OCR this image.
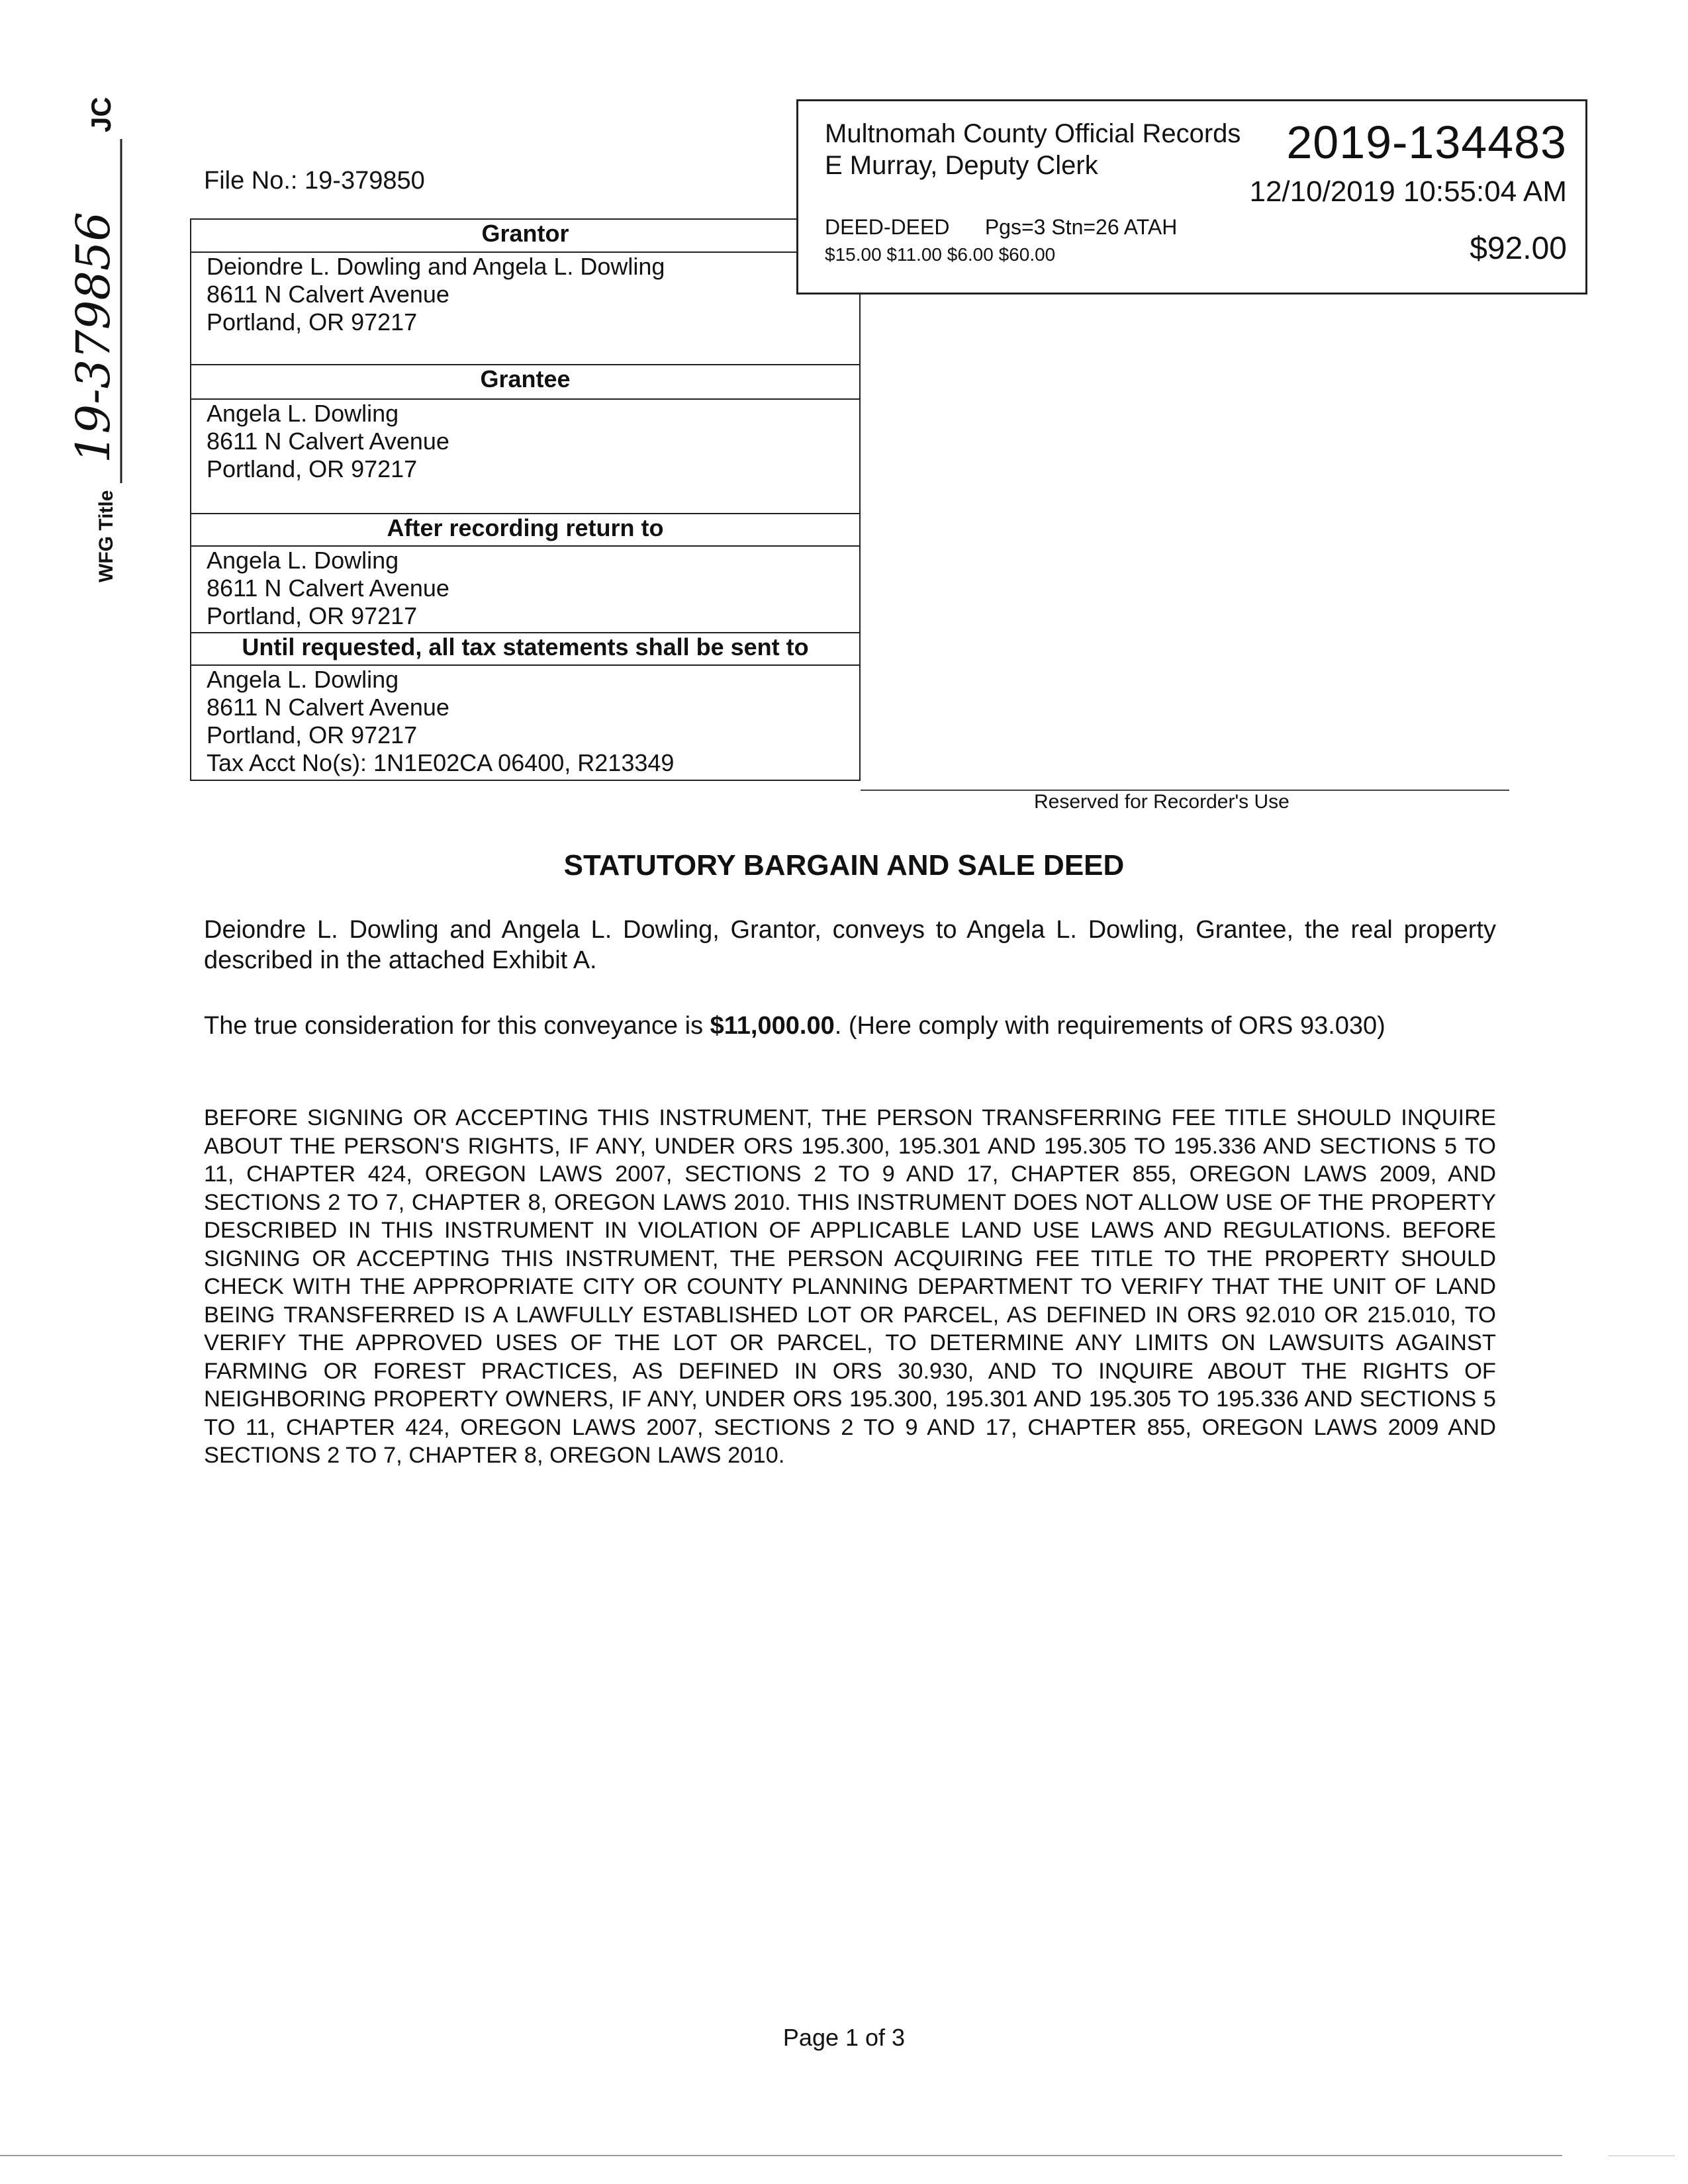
JC
19-379856
WFG Title
File No.: 19-379850
Grantor
Deiondre L. Dowling and Angela L. Dowling
8611 N Calvert Avenue
Portland, OR 97217
Grantee
Angela L. Dowling
8611 N Calvert Avenue
Portland, OR 97217
After recording return to
Angela L. Dowling
8611 N Calvert Avenue
Portland, OR 97217
Until requested, all tax statements shall be sent to
Angela L. Dowling
8611 N Calvert Avenue
Portland, OR 97217
Tax Acct No(s): 1N1E02CA 06400, R213349
Multnomah County Official Records
E Murray, Deputy Clerk	2019-134483
12/10/2019 10:55:04 AM
DEED-DEED      Pgs=3 Stn=26 ATAH
$15.00 $11.00 $6.00 $60.00	$92.00
Reserved for Recorder's Use
STATUTORY BARGAIN AND SALE DEED
Deiondre L. Dowling and Angela L. Dowling, Grantor, conveys to Angela L. Dowling, Grantee, the real property described in the attached Exhibit A.
The true consideration for this conveyance is $11,000.00. (Here comply with requirements of ORS 93.030)
BEFORE SIGNING OR ACCEPTING THIS INSTRUMENT, THE PERSON TRANSFERRING FEE TITLE SHOULD INQUIRE ABOUT THE PERSON'S RIGHTS, IF ANY, UNDER ORS 195.300, 195.301 AND 195.305 TO 195.336 AND SECTIONS 5 TO 11, CHAPTER 424, OREGON LAWS 2007, SECTIONS 2 TO 9 AND 17, CHAPTER 855, OREGON LAWS 2009, AND SECTIONS 2 TO 7, CHAPTER 8, OREGON LAWS 2010. THIS INSTRUMENT DOES NOT ALLOW USE OF THE PROPERTY DESCRIBED IN THIS INSTRUMENT IN VIOLATION OF APPLICABLE LAND USE LAWS AND REGULATIONS. BEFORE SIGNING OR ACCEPTING THIS INSTRUMENT, THE PERSON ACQUIRING FEE TITLE TO THE PROPERTY SHOULD CHECK WITH THE APPROPRIATE CITY OR COUNTY PLANNING DEPARTMENT TO VERIFY THAT THE UNIT OF LAND BEING TRANSFERRED IS A LAWFULLY ESTABLISHED LOT OR PARCEL, AS DEFINED IN ORS 92.010 OR 215.010, TO VERIFY THE APPROVED USES OF THE LOT OR PARCEL, TO DETERMINE ANY LIMITS ON LAWSUITS AGAINST FARMING OR FOREST PRACTICES, AS DEFINED IN ORS 30.930, AND TO INQUIRE ABOUT THE RIGHTS OF NEIGHBORING PROPERTY OWNERS, IF ANY, UNDER ORS 195.300, 195.301 AND 195.305 TO 195.336 AND SECTIONS 5 TO 11, CHAPTER 424, OREGON LAWS 2007, SECTIONS 2 TO 9 AND 17, CHAPTER 855, OREGON LAWS 2009 AND SECTIONS 2 TO 7, CHAPTER 8, OREGON LAWS 2010.
Page 1 of 3
